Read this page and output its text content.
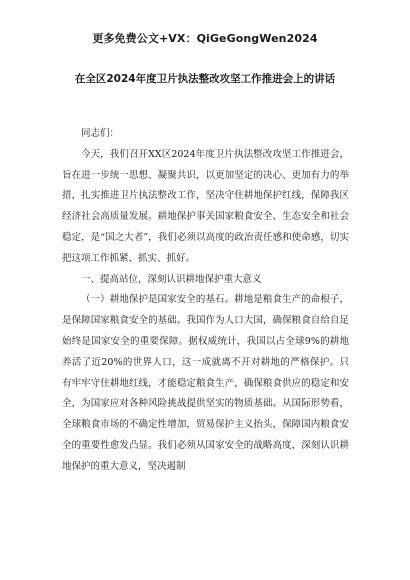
更多免费公文+VX：QiGeGongWen2024
在全区2024年度卫片执法整改攻坚工作推进会上的讲话

同志们：

今天，我们召开XX区2024年度卫片执法整改攻坚工作推进会，旨在进一步统一思想、凝聚共识，以更加坚定的决心、更加有力的举措，扎实推进卫片执法整改工作，坚决守住耕地保护红线，保障我区经济社会高质量发展。耕地保护事关国家粮食安全、生态安全和社会稳定，是“国之大者”，我们必须以高度的政治责任感和使命感，切实把这项工作抓紧、抓实、抓好。

一、提高站位，深刻认识耕地保护重大意义

（一）耕地保护是国家安全的基石。耕地是粮食生产的命根子，是保障国家粮食安全的基础。我国作为人口大国，确保粮食自给自足始终是国家安全的重要保障。据权威统计，我国以占全球9%的耕地养活了近20%的世界人口，这一成就离不开对耕地的严格保护。只有牢牢守住耕地红线，才能稳定粮食生产，确保粮食供应的稳定和安全，为国家应对各种风险挑战提供坚实的物质基础。从国际形势看，全球粮食市场的不确定性增加，贸易保护主义抬头，保障国内粮食安全的重要性愈发凸显。我们必须从国家安全的战略高度，深刻认识耕地保护的重大意义，坚决遏制
